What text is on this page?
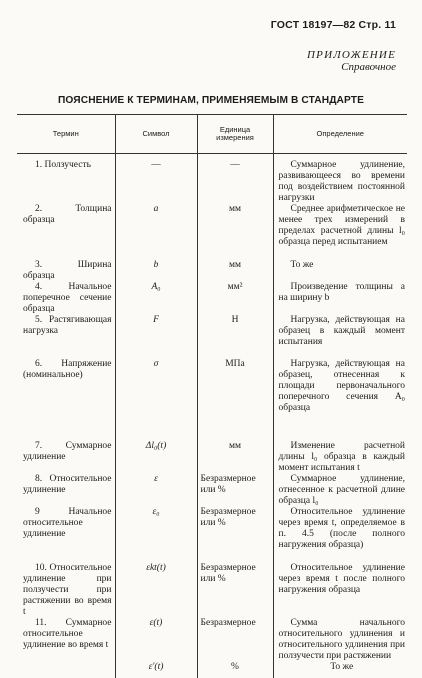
ГОСТ 18197—82 Стр. 11
ПРИЛОЖЕНИЕ
Справочное
ПОЯСНЕНИЕ К ТЕРМИНАМ, ПРИМЕНЯЕМЫМ В СТАНДАРТЕ
Термин	Символ	Единица измерения	Определение

1. Ползучесть	—	—	Суммарное удлинение, развивающееся во времени под воздействием постоянной нагрузки

2. Толщина образца	a	мм	Среднее арифметическое не менее трех измерений в пределах расчетной длины l₀ образца перед испытанием

3. Ширина образца	b	мм	То же

4. Начальное поперечное сечение образца	A₀	мм²	Произведение толщины a на ширину b

5. Растягивающая нагрузка	F	Н	Нагрузка, действующая на образец в каждый момент испытания

6. Напряжение (номинальное)	σ	МПа	Нагрузка, действующая на образец, отнесенная к площади первоначального поперечного сечения A₀ образца

7. Суммарное удлинение	Δl₀(t)	мм	Изменение расчетной длины l₀ образца в каждый момент испытания t

8. Относительное удлинение	ε	Безразмерное или %	Суммарное удлинение, отнесенное к расчетной длине образца l₀

9 Начальное относительное удлинение	ε₀	Безразмерное или %	Относительное удлинение через время t, определяемое в п. 4.5 (после полного нагружения образца)

10. Относительное удлинение при ползучести при растяжении во время t	εkt(t)	Безразмерное или %	Относительное удлинение через время t после полного нагружения образца

11. Суммарное относительное удлинение во время t	ε(t)	Безразмерное	Сумма начального относительного удлинения и относительного удлинения при ползучести при растяжении

	ε′(t)	%	То же
